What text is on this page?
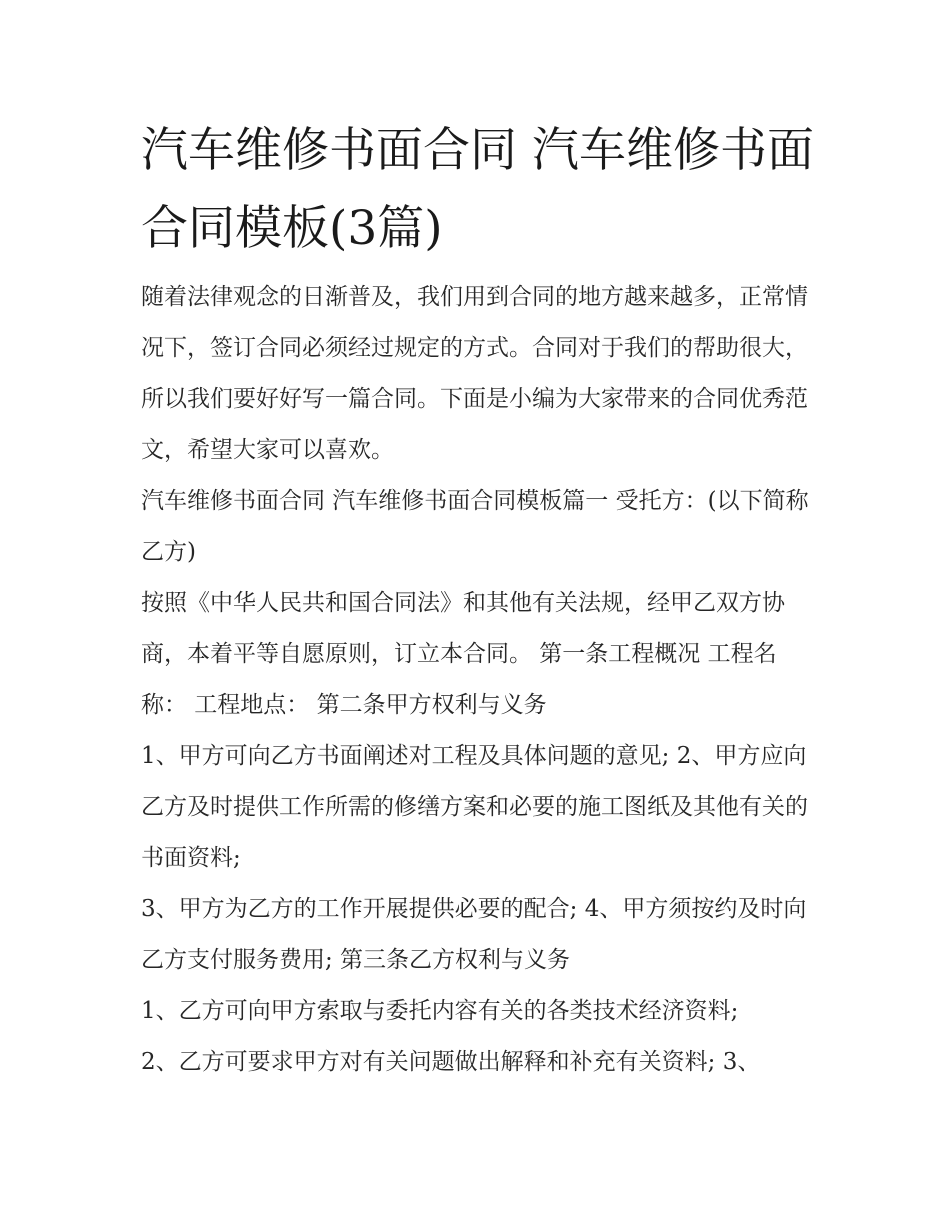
汽车维修书面合同 汽车维修书面合同模板(3篇)

随着法律观念的日渐普及，我们用到合同的地方越来越多，正常情况下，签订合同必须经过规定的方式。合同对于我们的帮助很大，所以我们要好好写一篇合同。下面是小编为大家带来的合同优秀范文，希望大家可以喜欢。

汽车维修书面合同 汽车维修书面合同模板篇一 受托方：(以下简称乙方)

按照《中华人民共和国合同法》和其他有关法规，经甲乙双方协商，本着平等自愿原则，订立本合同。 第一条工程概况 工程名称： 工程地点： 第二条甲方权利与义务

1、甲方可向乙方书面阐述对工程及具体问题的意见; 2、甲方应向乙方及时提供工作所需的修缮方案和必要的施工图纸及其他有关的书面资料;

3、甲方为乙方的工作开展提供必要的配合; 4、甲方须按约及时向乙方支付服务费用; 第三条乙方权利与义务

1、乙方可向甲方索取与委托内容有关的各类技术经济资料;

2、乙方可要求甲方对有关问题做出解释和补充有关资料; 3、
